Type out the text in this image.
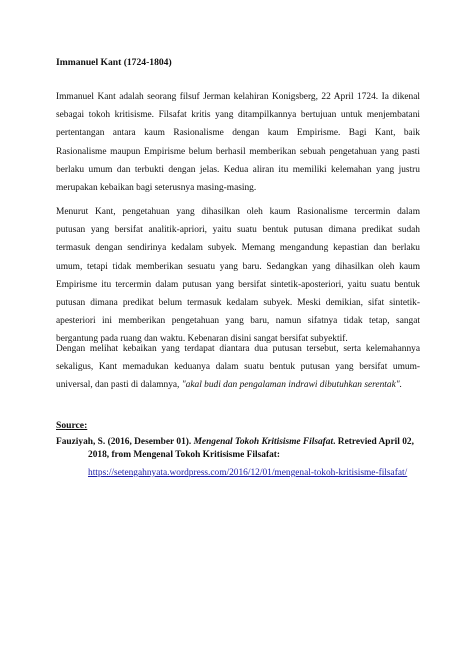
Immanuel Kant (1724-1804)

Immanuel Kant adalah seorang filsuf Jerman kelahiran Konigsberg, 22 April 1724. Ia dikenal
sebagai tokoh kritisisme. Filsafat kritis yang ditampilkannya bertujuan untuk menjembatani
pertentangan antara kaum Rasionalisme dengan kaum Empirisme. Bagi Kant, baik
Rasionalisme maupun Empirisme belum berhasil memberikan sebuah pengetahuan yang pasti
berlaku umum dan terbukti dengan jelas. Kedua aliran itu memiliki kelemahan yang justru
merupakan kebaikan bagi seterusnya masing-masing.

Menurut Kant, pengetahuan yang dihasilkan oleh kaum Rasionalisme tercermin dalam
putusan yang bersifat analitik-apriori, yaitu suatu bentuk putusan dimana predikat sudah
termasuk dengan sendirinya kedalam subyek. Memang mengandung kepastian dan berlaku
umum, tetapi tidak memberikan sesuatu yang baru. Sedangkan yang dihasilkan oleh kaum
Empirisme itu tercermin dalam putusan yang bersifat sintetik-aposteriori, yaitu suatu bentuk
putusan dimana predikat belum termasuk kedalam subyek. Meski demikian, sifat sintetik-
apesteriori ini memberikan pengetahuan yang baru, namun sifatnya tidak tetap, sangat
bergantung pada ruang dan waktu. Kebenaran disini sangat bersifat subyektif.

Dengan melihat kebaikan yang terdapat diantara dua putusan tersebut, serta kelemahannya
sekaligus, Kant memadukan keduanya dalam suatu bentuk putusan yang bersifat umum-
universal, dan pasti di dalamnya, "akal budi dan pengalaman indrawi dibutuhkan serentak".

Source:
Fauziyah, S. (2016, Desember 01). Mengenal Tokoh Kritisisme Filsafat. Retrevied April 02,
2018, from Mengenal Tokoh Kritisisme Filsafat:
https://setengahnyata.wordpress.com/2016/12/01/mengenal-tokoh-kritisisme-filsafat/
